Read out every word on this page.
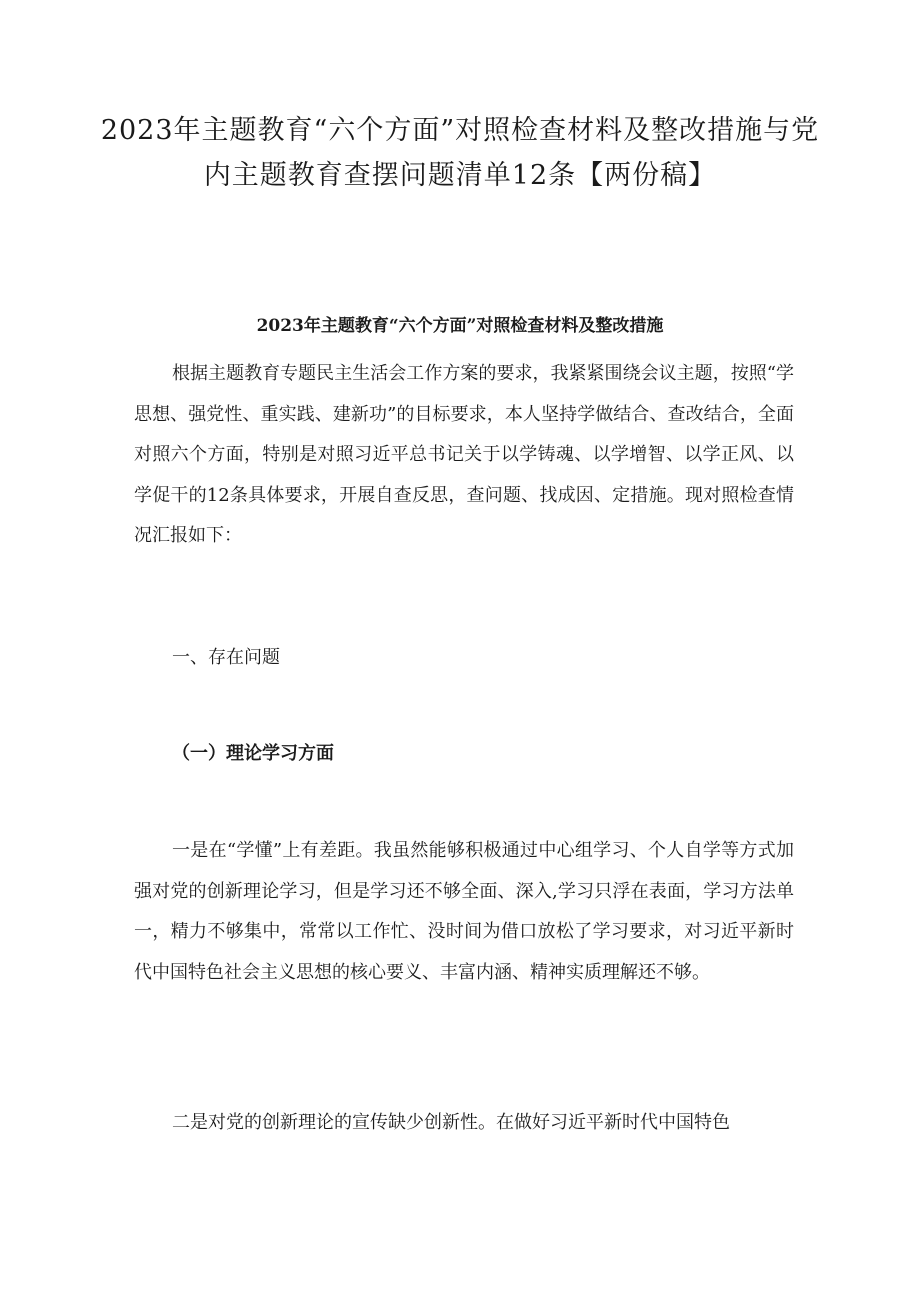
2023年主题教育“六个方面”对照检查材料及整改措施与党内主题教育查摆问题清单12条【两份稿】
2023年主题教育“六个方面”对照检查材料及整改措施

根据主题教育专题民主生活会工作方案的要求，我紧紧围绕会议主题，按照“学思想、强党性、重实践、建新功”的目标要求，本人坚持学做结合、查改结合，全面对照六个方面，特别是对照习近平总书记关于以学铸魂、以学增智、以学正风、以学促干的12条具体要求，开展自查反思，查问题、找成因、定措施。现对照检查情况汇报如下：

一、存在问题
（一）理论学习方面

一是在“学懂”上有差距。我虽然能够积极通过中心组学习、个人自学等方式加强对党的创新理论学习，但是学习还不够全面、深入,学习只浮在表面，学习方法单一，精力不够集中，常常以工作忙、没时间为借口放松了学习要求，对习近平新时代中国特色社会主义思想的核心要义、丰富内涵、精神实质理解还不够。

二是对党的创新理论的宣传缺少创新性。在做好习近平新时代中国特色
